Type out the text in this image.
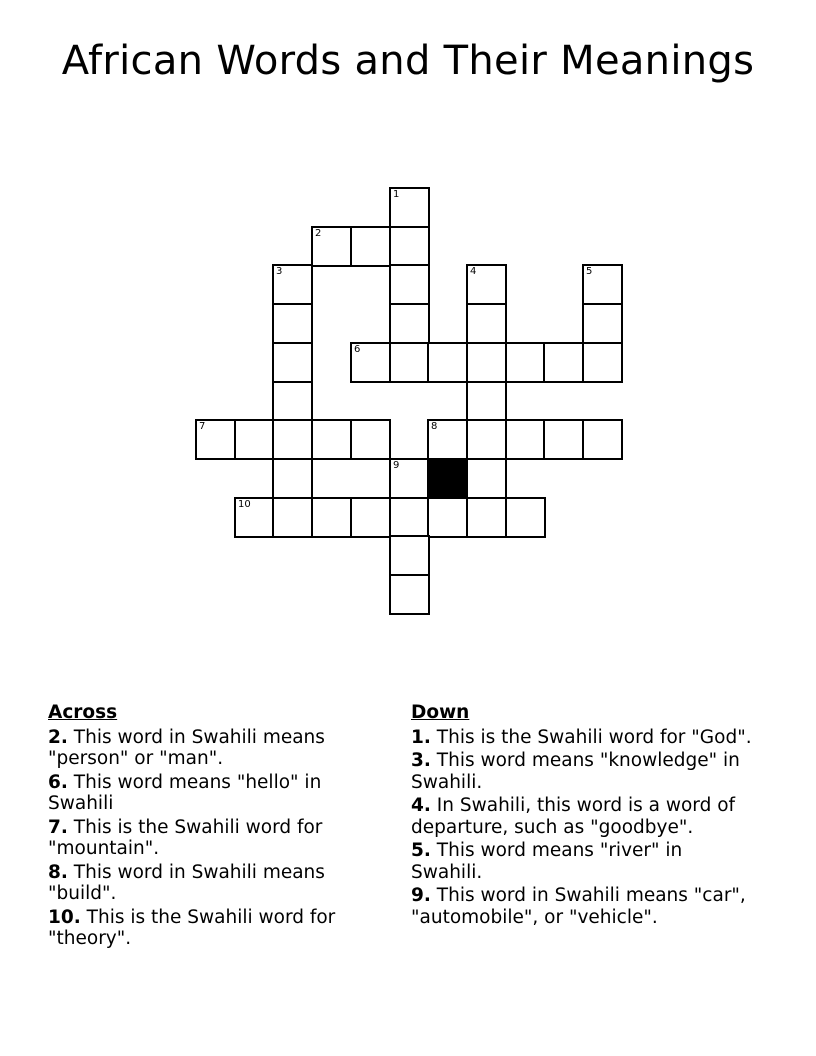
African Words and Their Meanings
1
2
3	4	5
6
7	8
9
10
Across
2. This word in Swahili means "person" or "man".
6. This word means "hello" in Swahili
7. This is the Swahili word for "mountain".
8. This word in Swahili means "build".
10. This is the Swahili word for "theory".
Down
1. This is the Swahili word for "God".
3. This word means "knowledge" in Swahili.
4. In Swahili, this word is a word of departure, such as "goodbye".
5. This word means "river" in Swahili.
9. This word in Swahili means "car", "automobile", or "vehicle".
